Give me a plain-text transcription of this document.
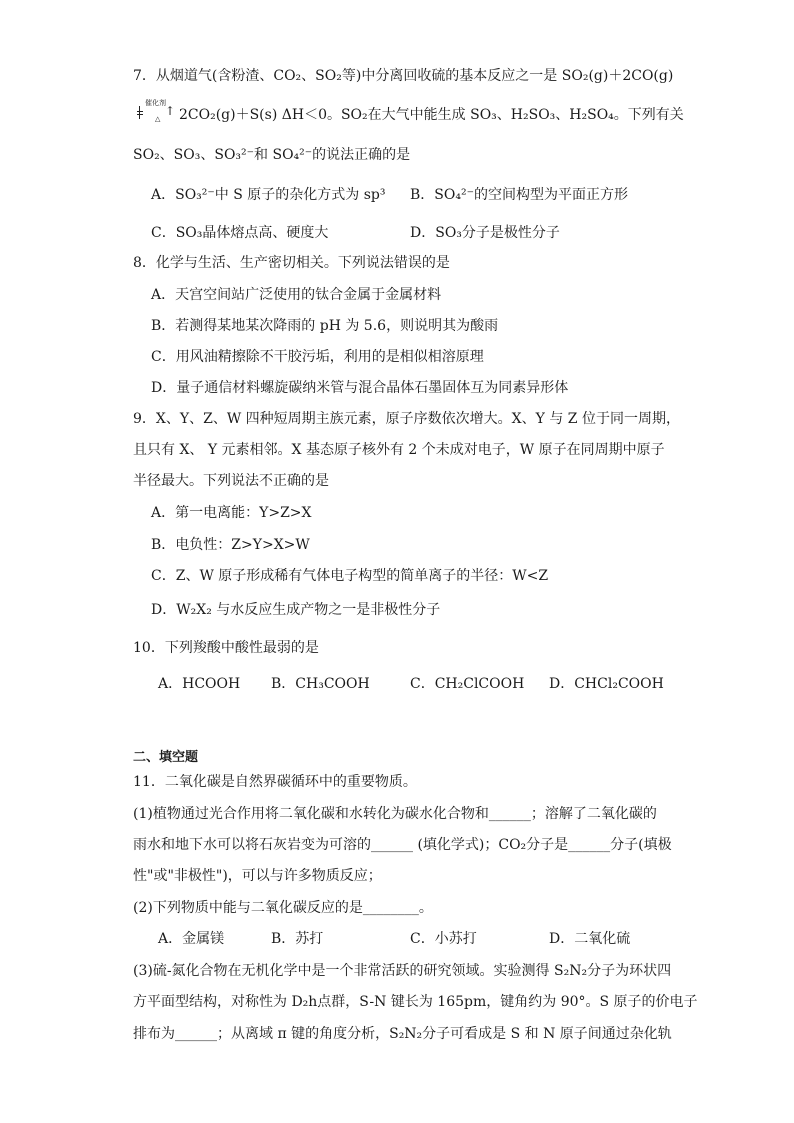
7．从烟道气(含粉渣、CO₂、SO₂等)中分离回收硫的基本反应之一是 SO₂(g)＋2CO(g)
催化剂
△
↑ 2CO₂(g)＋S(s) ΔH＜0。SO₂在大气中能生成 SO₃、H₂SO₃、H₂SO₄。下列有关
SO₂、SO₃、SO₃²⁻和 SO₄²⁻的说法正确的是
A．SO₃²⁻中 S 原子的杂化方式为 sp³ B．SO₄²⁻的空间构型为平面正方形
C．SO₃晶体熔点高、硬度大	D．SO₃分子是极性分子
8．化学与生活、生产密切相关。下列说法错误的是
A．天宫空间站广泛使用的钛合金属于金属材料
B．若测得某地某次降雨的 pH 为 5.6，则说明其为酸雨
C．用风油精擦除不干胶污垢，利用的是相似相溶原理
D．量子通信材料螺旋碳纳米管与混合晶体石墨固体互为同素异形体
9．X、Y、Z、W 四种短周期主族元素，原子序数依次增大。X、Y 与 Z 位于同一周期，
且只有 X、 Y 元素相邻。X 基态原子核外有 2 个未成对电子，W 原子在同周期中原子
半径最大。下列说法不正确的是
A．第一电离能：Y>Z>X
B．电负性：Z>Y>X>W
C．Z、W 原子形成稀有气体电子构型的简单离子的半径：W<Z
D．W₂X₂ 与水反应生成产物之一是非极性分子
10．下列羧酸中酸性最弱的是
A．HCOOH B．CH₃COOH	C．CH₂ClCOOH D．CHCl₂COOH
二、填空题
11．二氧化碳是自然界碳循环中的重要物质。
(1)植物通过光合作用将二氧化碳和水转化为碳水化合物和______；溶解了二氧化碳的
雨水和地下水可以将石灰岩变为可溶的______ (填化学式)；CO₂分子是______分子(填极
性"或"非极性")，可以与许多物质反应；
(2)下列物质中能与二氧化碳反应的是________。
A．金属镁	B．苏打	C．小苏打	D．二氧化硫
(3)硫-氮化合物在无机化学中是一个非常活跃的研究领域。实验测得 S₂N₂分子为环状四
方平面型结构，对称性为 D₂h点群，S-N 键长为 165pm，键角约为 90°。S 原子的价电子
排布为______；从离域 π 键的角度分析，S₂N₂分子可看成是 S 和 N 原子间通过杂化轨
